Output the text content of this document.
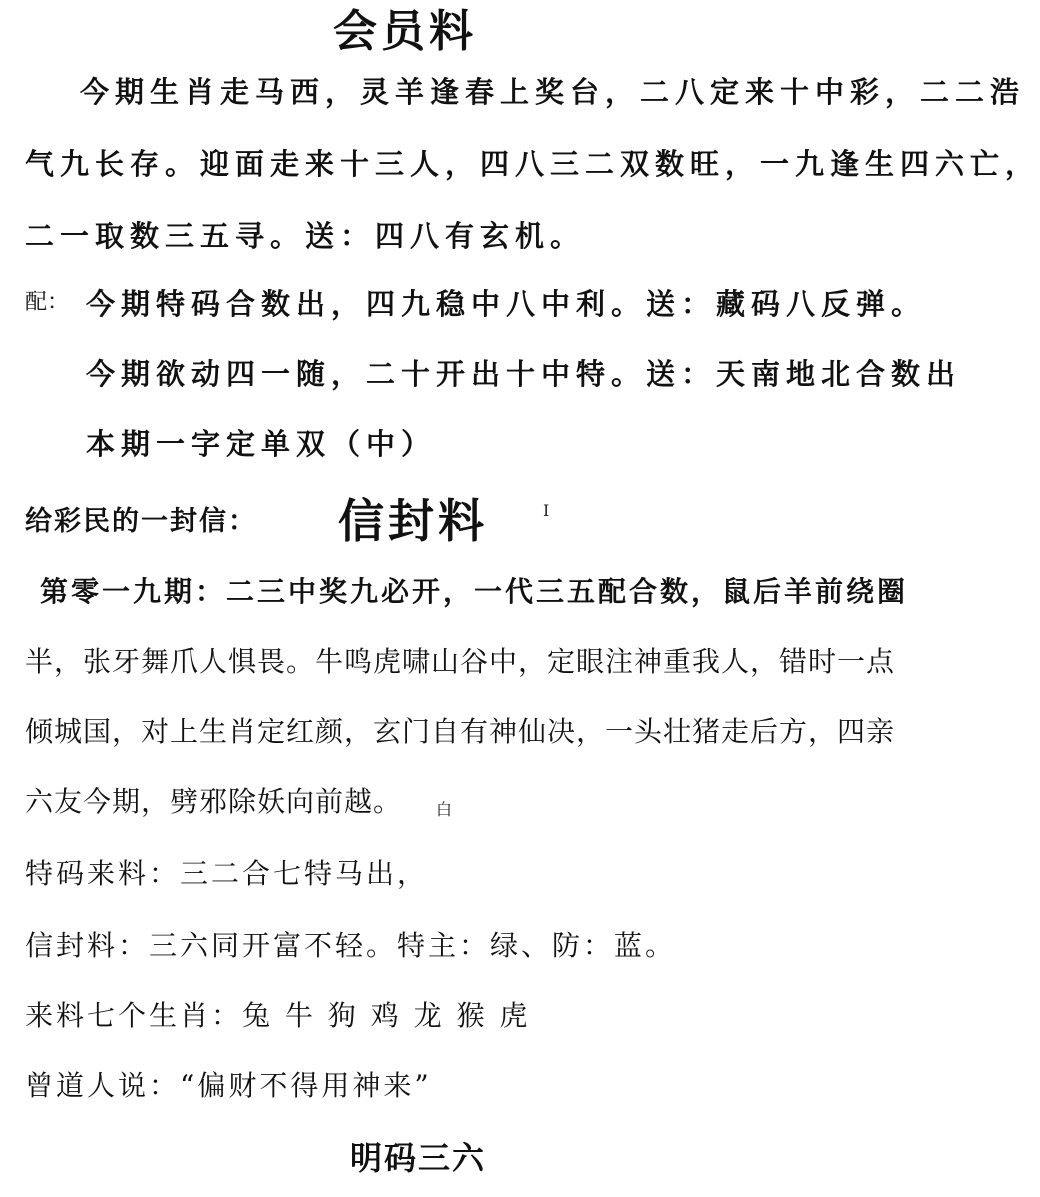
会员料
今期生肖走马西，灵羊逢春上奖台，二八定来十中彩，二二浩
气九长存。迎面走来十三人，四八三二双数旺，一九逢生四六亡，
二一取数三五寻。送：四八有玄机。
配： 今期特码合数出，四九稳中八中利。送：藏码八反弹。
今期欲动四一随，二十开出十中特。送：天南地北合数出
本期一字定单双（中）
给彩民的一封信： 信封料	I
第零一九期：二三中奖九必开，一代三五配合数，鼠后羊前绕圈
半，张牙舞爪人惧畏。牛鸣虎啸山谷中，定眼注神重我人，错时一点
倾城国，对上生肖定红颜，玄门自有神仙决，一头壮猪走后方，四亲
六友今期，劈邪除妖向前越。 白
特码来料：三二合七特马出，
信封料：三六同开富不轻。特主：绿、防：蓝。
来料七个生肖：兔 牛 狗 鸡 龙 猴 虎
曾道人说：“偏财不得用神来”
明码三六
